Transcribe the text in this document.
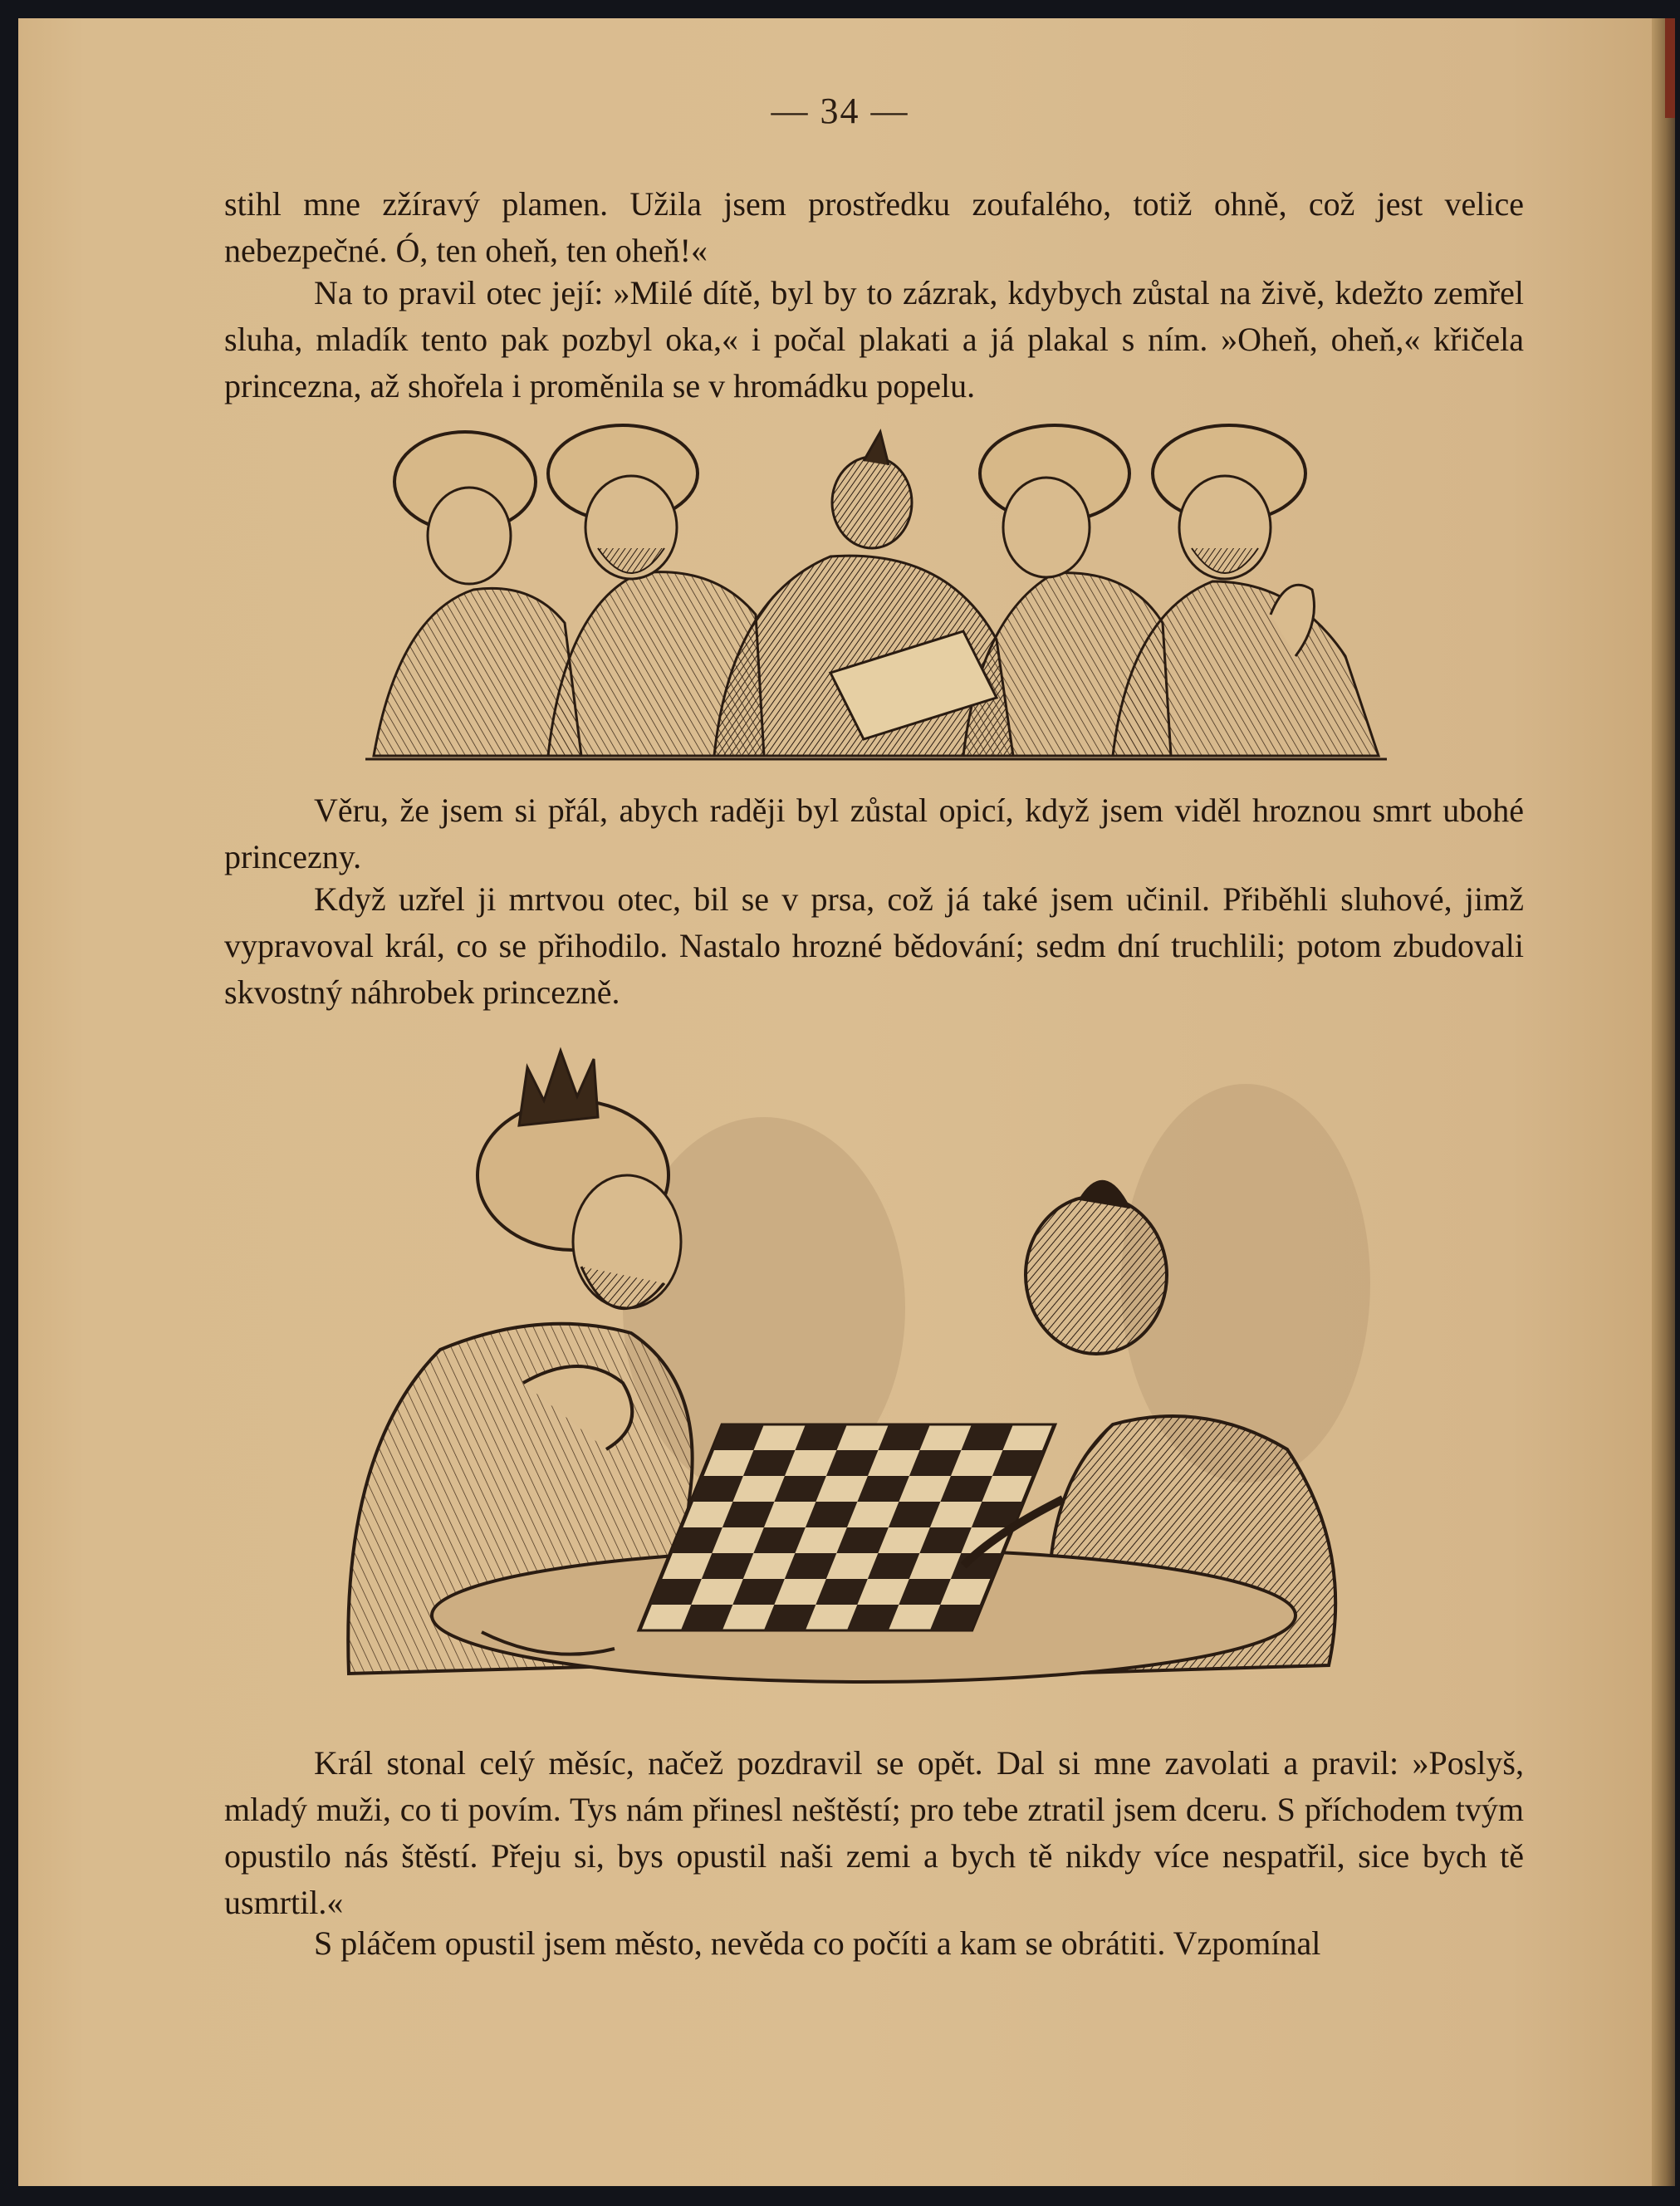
— 34 —

stihl mne zžíravý plamen. Užila jsem prostředku zoufalého, totiž ohně, což jest velice nebezpečné. Ó, ten oheň, ten oheň!«

Na to pravil otec její: »Milé dítě, byl by to zázrak, kdybych zůstal na živě, kdežto zemřel sluha, mladík tento pak pozbyl oka,« i počal plakati a já plakal s ním. »Oheň, oheň,« křičela princezna, až shořela i proměnila se v hromádku popelu.

Věru, že jsem si přál, abych raději byl zůstal opicí, když jsem viděl hroznou smrt ubohé princezny.

Když uzřel ji mrtvou otec, bil se v prsa, což já také jsem učinil. Přiběhli sluhové, jimž vypravoval král, co se přihodilo. Nastalo hrozné bědování; sedm dní truchlili; potom zbudovali skvostný náhrobek princezně.

Král stonal celý měsíc, načež pozdravil se opět. Dal si mne zavolati a pravil: »Poslyš, mladý muži, co ti povím. Tys nám přinesl neštěstí; pro tebe ztratil jsem dceru. S příchodem tvým opustilo nás štěstí. Přeju si, bys opustil naši zemi a bych tě nikdy více nespatřil, sice bych tě usmrtil.«

S pláčem opustil jsem město, nevěda co počíti a kam se obrátiti. Vzpomínal
